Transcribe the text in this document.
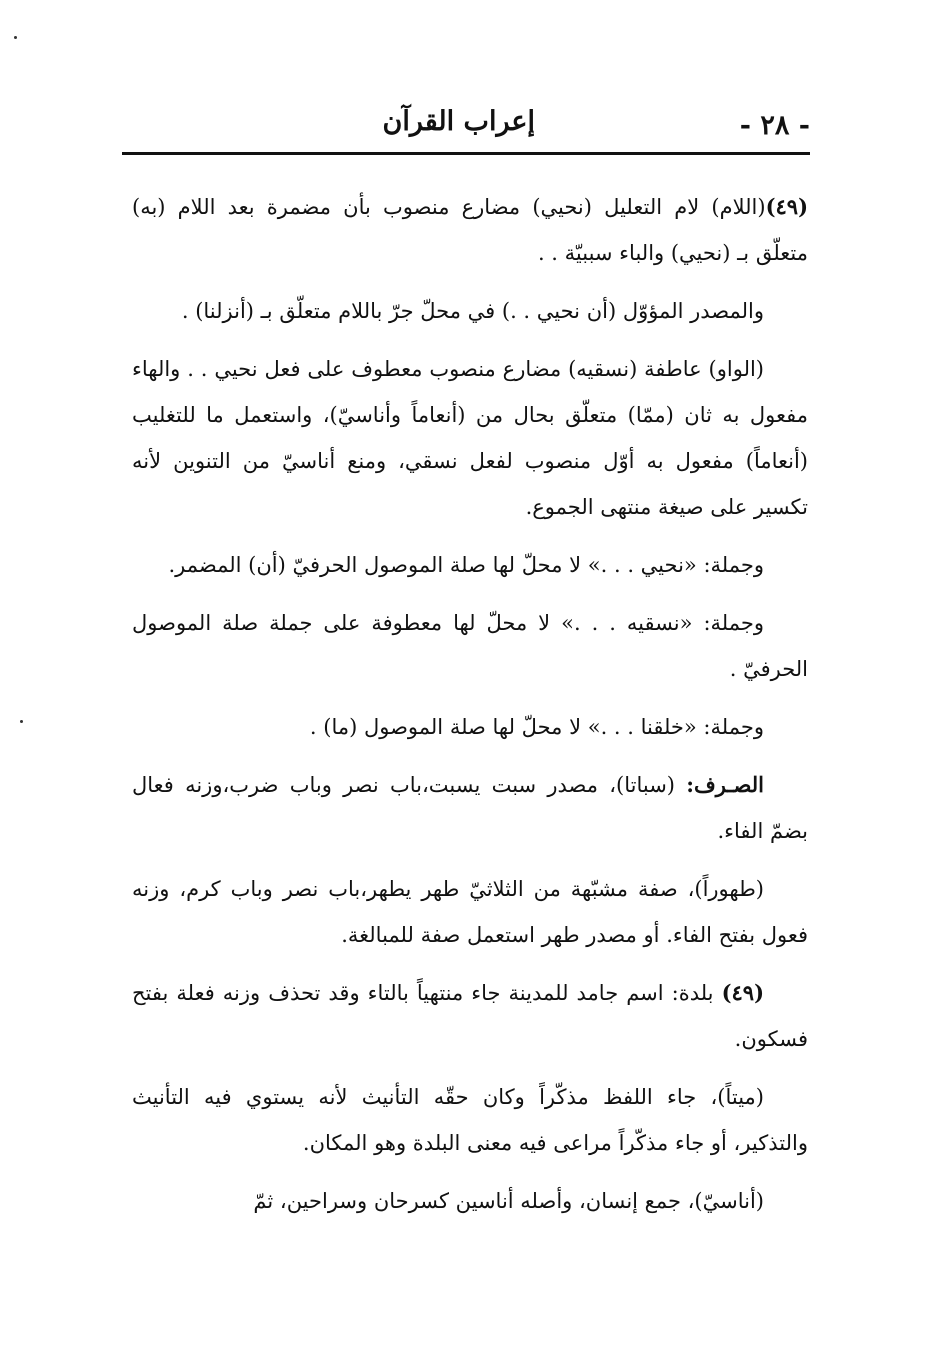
- ٢٨ -
إعراب القرآن

(٤٩)(اللام) لام التعليل (نحيي) مضارع منصوب بأن مضمرة بعد اللام (به) متعلّق بـ (نحيي) والباء سببيّة . .

والمصدر المؤوّل (أن نحيي . .) في محلّ جرّ باللام متعلّق بـ (أنزلنا) .

(الواو) عاطفة (نسقيه) مضارع منصوب معطوف على فعل نحيي . . والهاء مفعول به ثان (ممّا) متعلّق بحال من (أنعاماً وأناسيّ)، واستعمل ما للتغليب (أنعاماً) مفعول به أوّل منصوب لفعل نسقي، ومنع أناسيّ من التنوين لأنه تكسير على صيغة منتهى الجموع.

وجملة: «نحيي . . .» لا محلّ لها صلة الموصول الحرفيّ (أن) المضمر.

وجملة: «نسقيه . . .» لا محلّ لها معطوفة على جملة صلة الموصول الحرفيّ .

وجملة: «خلقنا . . .» لا محلّ لها صلة الموصول (ما) .

الصـرف: (سباتا)، مصدر سبت يسبت،باب نصر وباب ضرب،وزنه فعال بضمّ الفاء.

(طهوراً)، صفة مشبّهة من الثلاثيّ طهر يطهر،باب نصر وباب كرم، وزنه فعول بفتح الفاء. أو مصدر طهر استعمل صفة للمبالغة.

(٤٩) بلدة: اسم جامد للمدينة جاء منتهياً بالتاء وقد تحذف وزنه فعلة بفتح فسكون.

(ميتاً)، جاء اللفظ مذكّراً وكان حقّه التأنيث لأنه يستوي فيه التأنيث والتذكير، أو جاء مذكّراً مراعى فيه معنى البلدة وهو المكان.

(أناسيّ)، جمع إنسان، وأصله أناسين كسرحان وسراحين، ثمّ
